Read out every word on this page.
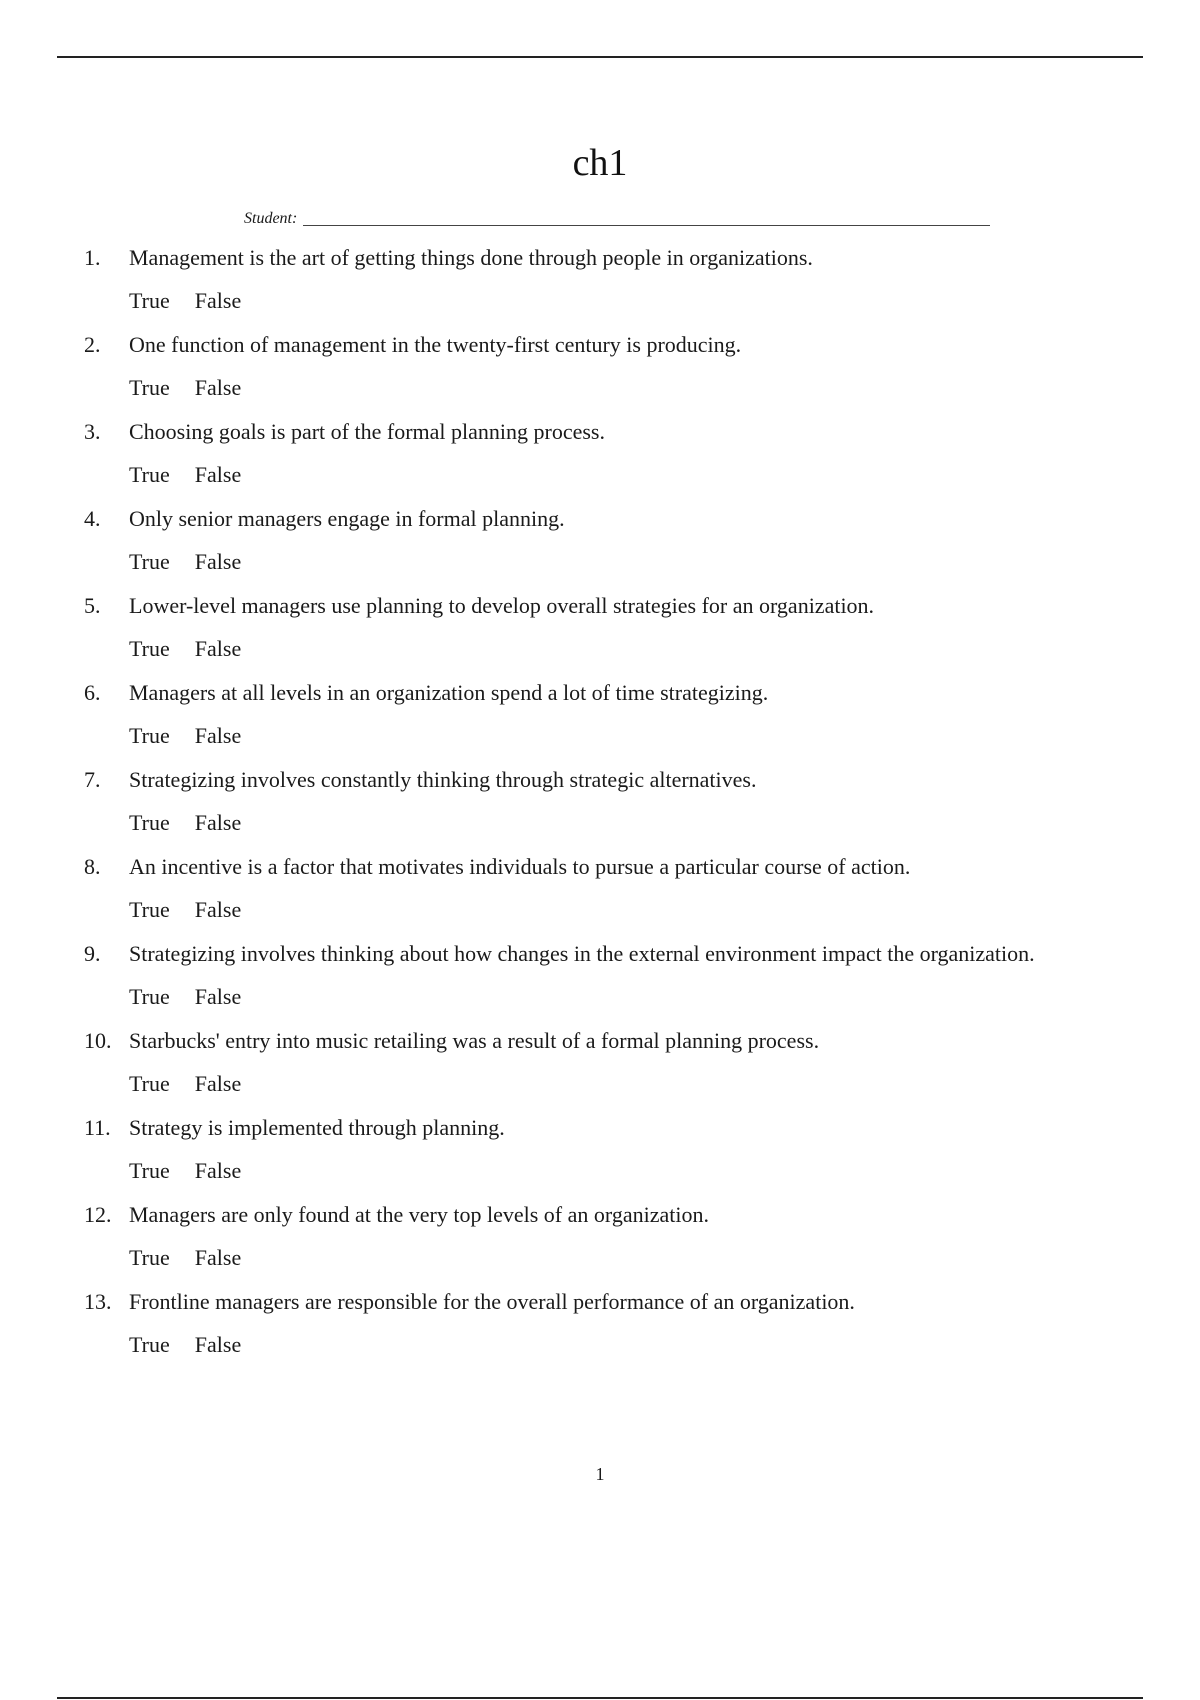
ch1
Student:
1.	Management is the art of getting things done through people in organizations.
True False
2.	One function of management in the twenty-first century is producing.
True False
3.	Choosing goals is part of the formal planning process.
True False
4.	Only senior managers engage in formal planning.
True False
5.	Lower-level managers use planning to develop overall strategies for an organization.
True False
6.	Managers at all levels in an organization spend a lot of time strategizing.
True False
7.	Strategizing involves constantly thinking through strategic alternatives.
True False
8.	An incentive is a factor that motivates individuals to pursue a particular course of action.
True False
9.	Strategizing involves thinking about how changes in the external environment impact the organization.
True False
10. Starbucks' entry into music retailing was a result of a formal planning process.
True False
11. Strategy is implemented through planning.
True False
12. Managers are only found at the very top levels of an organization.
True False
13. Frontline managers are responsible for the overall performance of an organization.
True False
1
